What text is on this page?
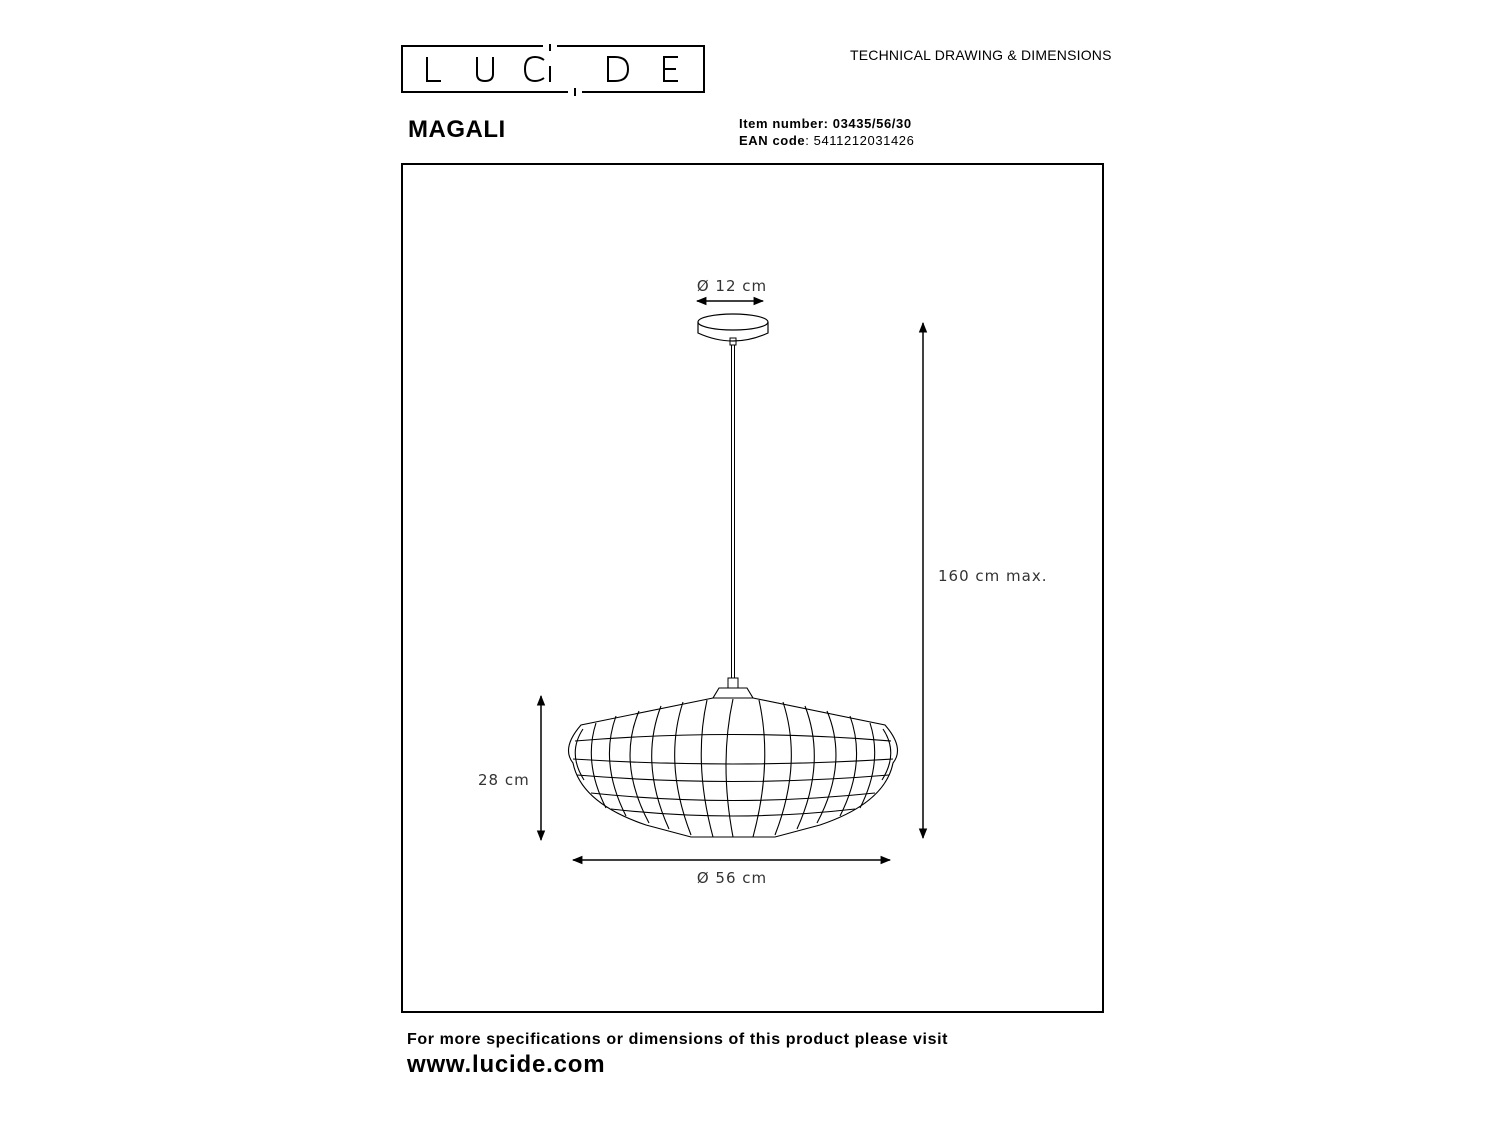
TECHNICAL DRAWING & DIMENSIONS
MAGALI	Item number: 03435/56/30
EAN code: 5411212031426
Ø 12 cm
160 cm max.
28 cm
Ø 56 cm
For more specifications or dimensions of this product please visit
www.lucide.com
